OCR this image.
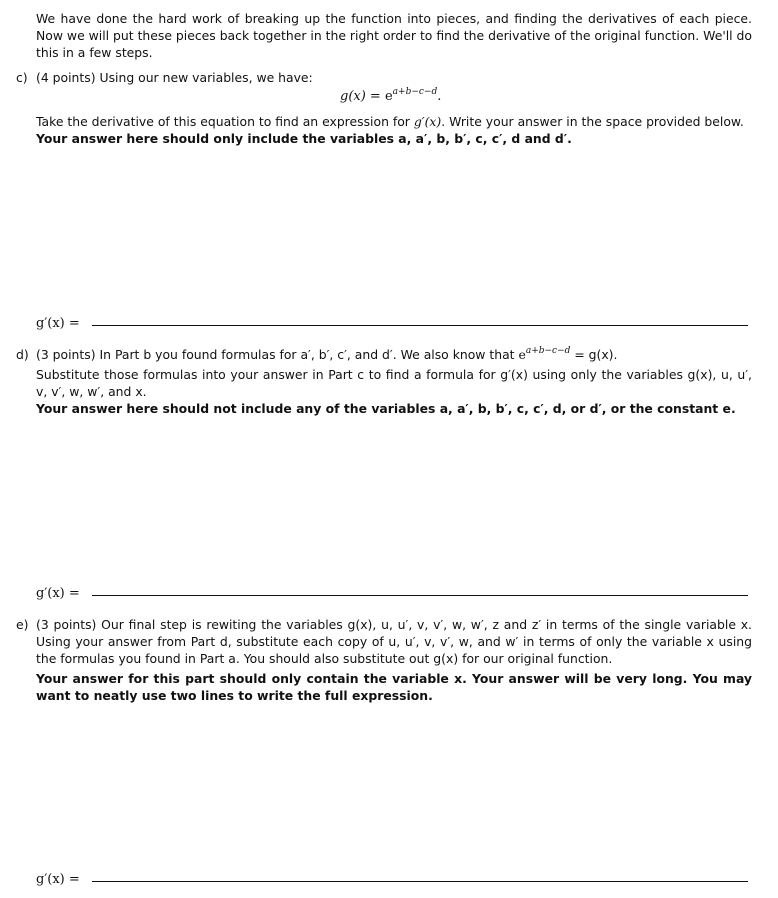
We have done the hard work of breaking up the function into pieces, and finding the derivatives of each piece. Now we will put these pieces back together in the right order to find the derivative of the original function. We'll do this in a few steps.
c) (4 points) Using our new variables, we have:
$g(x) = e^{a+b-c-d}$.
Take the derivative of this equation to find an expression for g′(x). Write your answer in the space provided below.
Your answer here should only include the variables a, a′, b, b′, c, c′, d and d′.
g′(x) =
d) (3 points) In Part b you found formulas for a′, b′, c′, and d′. We also know that $e^{a+b-c-d} = g(x)$.
Substitute those formulas into your answer in Part c to find a formula for g′(x) using only the variables g(x), u, u′, v, v′, w, w′, and x.
Your answer here should not include any of the variables a, a′, b, b′, c, c′, d, or d′, or the constant e.
g′(x) =
e) (3 points) Our final step is rewiting the variables g(x), u, u′, v, v′, w, w′, z and z′ in terms of the single variable x. Using your answer from Part d, substitute each copy of u, u′, v, v′, w, and w′ in terms of only the variable x using the formulas you found in Part a. You should also substitute out g(x) for our original function.
Your answer for this part should only contain the variable x. Your answer will be very long. You may want to neatly use two lines to write the full expression.
g′(x) =
